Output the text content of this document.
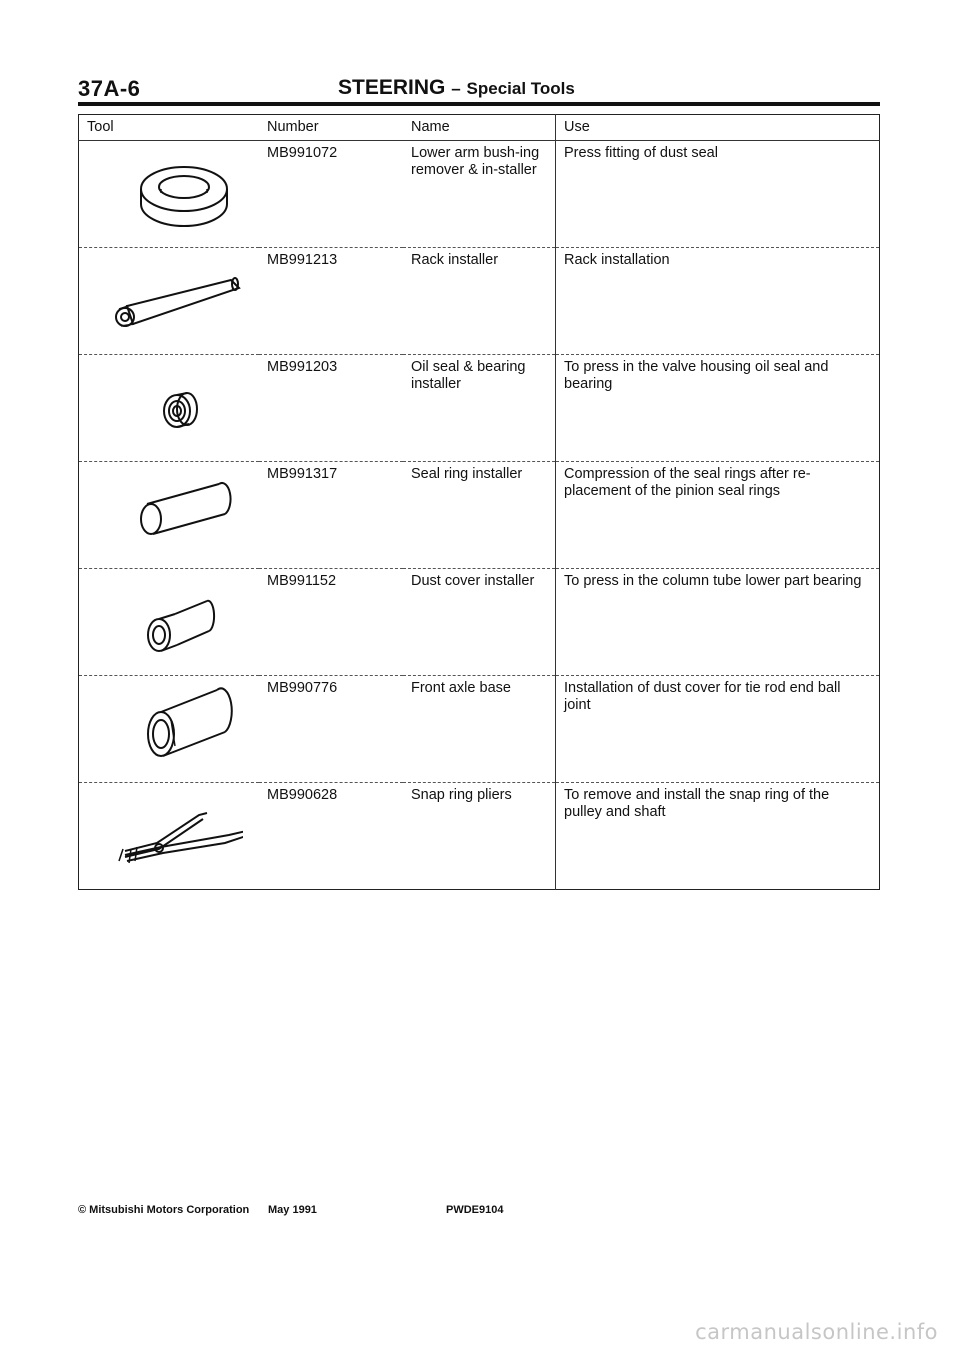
37A-6	STEERING – Special Tools
Tool	Number	Name	Use

	MB991072	Lower arm bush-ing remover & in-staller	Press fitting of dust seal

	MB991213	Rack installer	Rack installation

	MB991203	Oil seal & bearing installer	To press in the valve housing oil seal and bearing

	MB991317	Seal ring installer	Compression of the seal rings after re-placement of the pinion seal rings

	MB991152	Dust cover installer	To press in the column tube lower part bearing

	MB990776	Front axle base	Installation of dust cover for tie rod end ball joint

	MB990628	Snap ring pliers	To remove and install the snap ring of the pulley and shaft
© Mitsubishi Motors Corporation May 1991	PWDE9104
carmanualsonline.info
